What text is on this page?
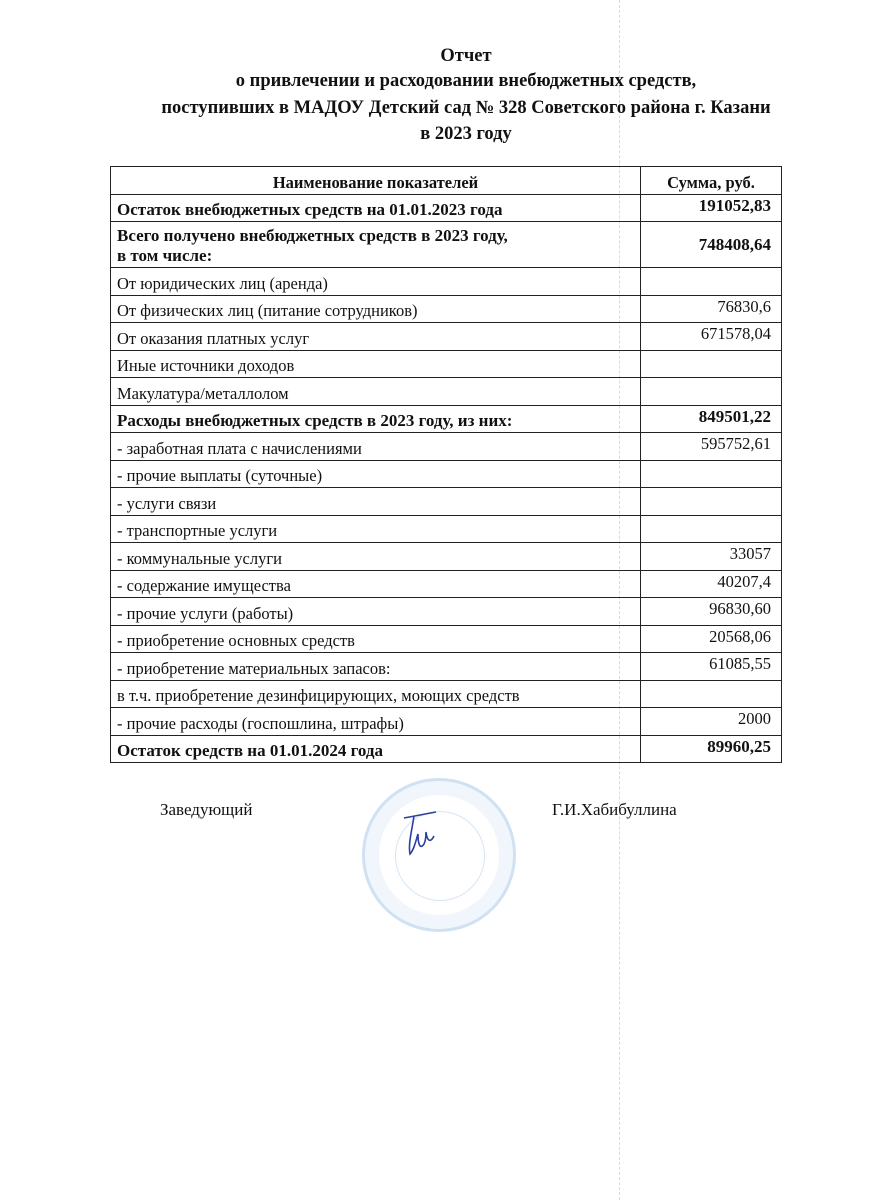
Отчет
о привлечении и расходовании внебюджетных средств,
поступивших в МАДОУ Детский сад № 328 Советского района г. Казани
в 2023 году
Наименование показателей	Сумма, руб.
Остаток внебюджетных средств на 01.01.2023 года	191052,83
Всего получено внебюджетных средств в 2023 году,
в том числе:	748408,64
От юридических лиц (аренда)	
От физических лиц (питание сотрудников)	76830,6
От оказания платных услуг	671578,04
Иные источники доходов	
Макулатура/металлолом	
Расходы внебюджетных средств в 2023 году, из них:	849501,22
- заработная плата с начислениями	595752,61
- прочие выплаты (суточные)	
- услуги связи	
- транспортные услуги	
- коммунальные услуги	33057
- содержание имущества	40207,4
- прочие услуги (работы)	96830,60
- приобретение основных средств	20568,06
- приобретение материальных запасов:	61085,55
в т.ч. приобретение дезинфицирующих, моющих средств	
- прочие расходы (госпошлина, штрафы)	2000
Остаток средств на 01.01.2024 года	89960,25
Заведующий	Г.И.Хабибуллина
